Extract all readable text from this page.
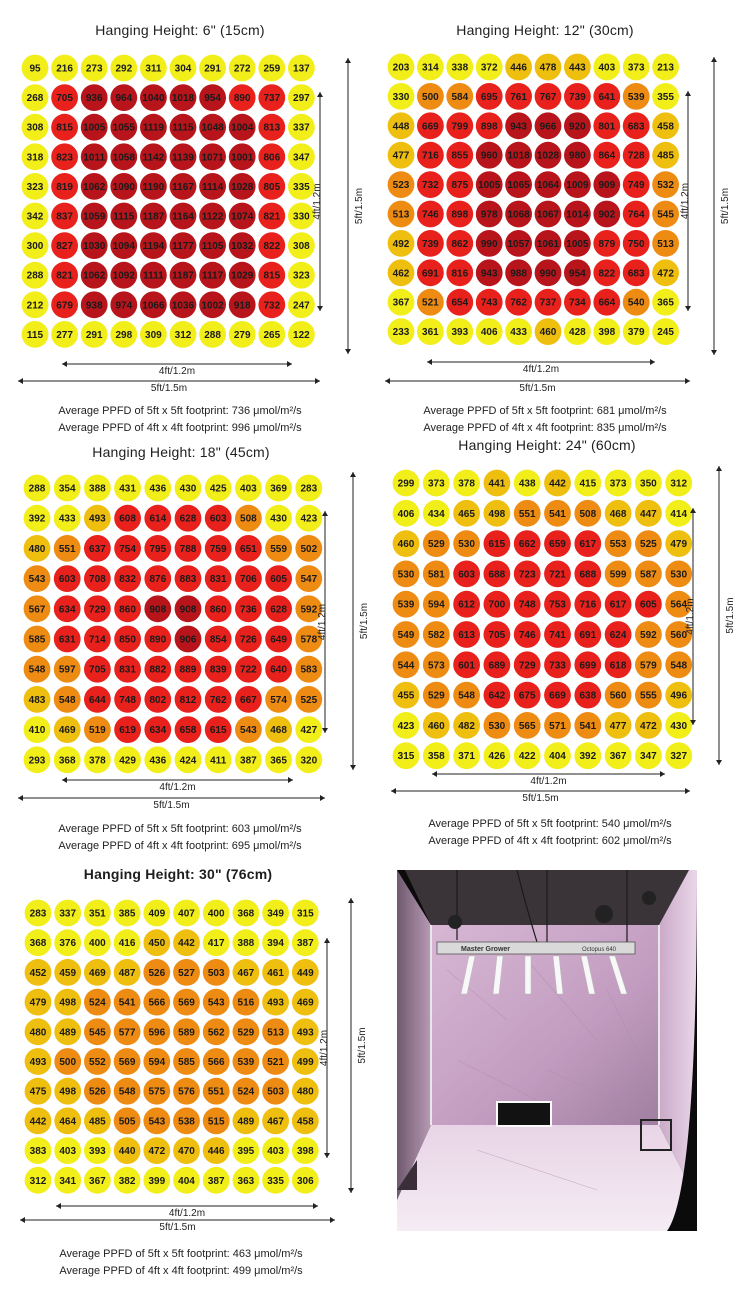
Hanging Height: 6" (15cm)
95 216 273 292 311 304 291 272 259 137
268 705 936 964 1040 1018 954 890 737 297
308 815 1005 1055 1119 1115 1048 1004 813 337
318 823 1011 1058 1142 1139 1071 1001 806 347
323 819 1062 1090 1190 1167 1114 1028 805 335
342 837 1059 1115 1187 1164 1122 1074 821 330
300 827 1030 1094 1194 1177 1105 1032 822 308
288 821 1062 1092 1111 1187 1117 1029 815 323
212 679 938 974 1066 1036 1002 918 732 247
115 277 291 298 309 312 288 279 265 122
4ft/1.2m
5ft/1.5m
4ft/1.2m	5ft/1.5m
Average PPFD of 5ft x 5ft footprint: 736 μmol/m²/s
Average PPFD of 4ft x 4ft footprint: 996 μmol/m²/s
Hanging Height: 12" (30cm)
203 314 338 372 446 478 443 403 373 213
330 500 584 695 761 767 739 641 539 355
448 669 799 898 943 966 920 801 683 458
477 716 855 960 1018 1028 980 864 728 485
523 732 875 1005 1065 1064 1009 909 749 532
513 746 898 978 1068 1067 1014 902 764 545
492 739 862 990 1057 1061 1005 879 750 513
462 691 816 943 988 990 954 822 683 472
367 521 654 743 762 737 734 664 540 365
233 361 393 406 433 460 428 398 379 245
4ft/1.2m
5ft/1.5m
4ft/1.2m	5ft/1.5m
Average PPFD of 5ft x 5ft footprint: 681 μmol/m²/s
Average PPFD of 4ft x 4ft footprint: 835 μmol/m²/s
Hanging Height: 18" (45cm)
288 354 388 431 436 430 425 403 369 283
392 433 493 608 614 628 603 508 430 423
480 551 637 754 795 788 759 651 559 502
543 603 708 832 876 883 831 706 605 547
567 634 729 860 908 908 860 736 628 592
585 631 714 850 890 906 854 726 649 578
548 597 705 831 882 889 839 722 640 583
483 548 644 748 802 812 762 667 574 525
410 469 519 619 634 658 615 543 468 427
293 368 378 429 436 424 411 387 365 320
4ft/1.2m
5ft/1.5m
4ft/1.2m	5ft/1.5m
Average PPFD of 5ft x 5ft footprint: 603 μmol/m²/s
Average PPFD of 4ft x 4ft footprint: 695 μmol/m²/s
Hanging Height: 24" (60cm)
299 373 378 441 438 442 415 373 350 312
406 434 465 498 551 541 508 468 447 414
460 529 530 615 662 659 617 553 525 479
530 581 603 688 723 721 688 599 587 530
539 594 612 700 748 753 716 617 605 564
549 582 613 705 746 741 691 624 592 560
544 573 601 689 729 733 699 618 579 548
455 529 548 642 675 669 638 560 555 496
423 460 482 530 565 571 541 477 472 430
315 358 371 426 422 404 392 367 347 327
4ft/1.2m
5ft/1.5m
4ft/1.2m	5ft/1.5m
Average PPFD of 5ft x 5ft footprint: 540 μmol/m²/s
Average PPFD of 4ft x 4ft footprint: 602 μmol/m²/s
Hanging Height: 30" (76cm)
283 337 351 385 409 407 400 368 349 315
368 376 400 416 450 442 417 388 394 387
452 459 469 487 526 527 503 467 461 449
479 498 524 541 566 569 543 516 493 469
480 489 545 577 596 589 562 529 513 493
493 500 552 569 594 585 566 539 521 499
475 498 526 548 575 576 551 524 503 480
442 464 485 505 543 538 515 489 467 458
383 403 393 440 472 470 446 395 403 398
312 341 367 382 399 404 387 363 335 306
4ft/1.2m
5ft/1.5m
4ft/1.2m	5ft/1.5m
Average PPFD of 5ft x 5ft footprint: 463 μmol/m²/s
Average PPFD of 4ft x 4ft footprint: 499 μmol/m²/s
Master Grower	Octopus 640
